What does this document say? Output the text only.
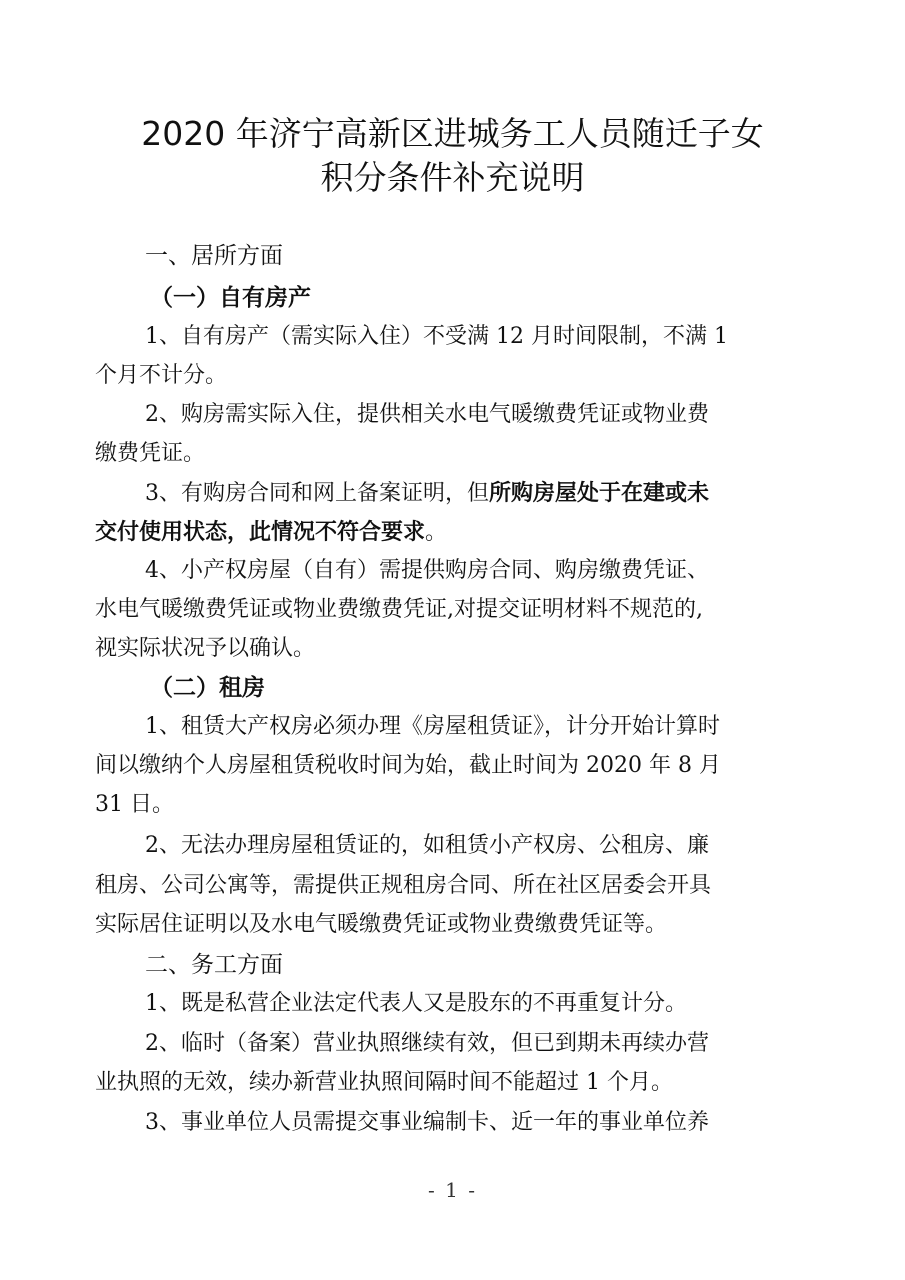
2020 年济宁高新区进城务工人员随迁子女
积分条件补充说明
一、居所方面
（一）自有房产
1、自有房产（需实际入住）不受满 12 月时间限制，不满 1
个月不计分。
2、购房需实际入住，提供相关水电气暖缴费凭证或物业费
缴费凭证。
3、有购房合同和网上备案证明，但所购房屋处于在建或未
交付使用状态，此情况不符合要求。
4、小产权房屋（自有）需提供购房合同、购房缴费凭证、
水电气暖缴费凭证或物业费缴费凭证,对提交证明材料不规范的,
视实际状况予以确认。
（二）租房
1、租赁大产权房必须办理《房屋租赁证》，计分开始计算时
间以缴纳个人房屋租赁税收时间为始，截止时间为 2020 年 8 月
31 日。
2、无法办理房屋租赁证的，如租赁小产权房、公租房、廉
租房、公司公寓等，需提供正规租房合同、所在社区居委会开具
实际居住证明以及水电气暖缴费凭证或物业费缴费凭证等。
二、务工方面
1、既是私营企业法定代表人又是股东的不再重复计分。
2、临时（备案）营业执照继续有效，但已到期未再续办营
业执照的无效，续办新营业执照间隔时间不能超过 1 个月。
3、事业单位人员需提交事业编制卡、近一年的事业单位养
- 1 -
